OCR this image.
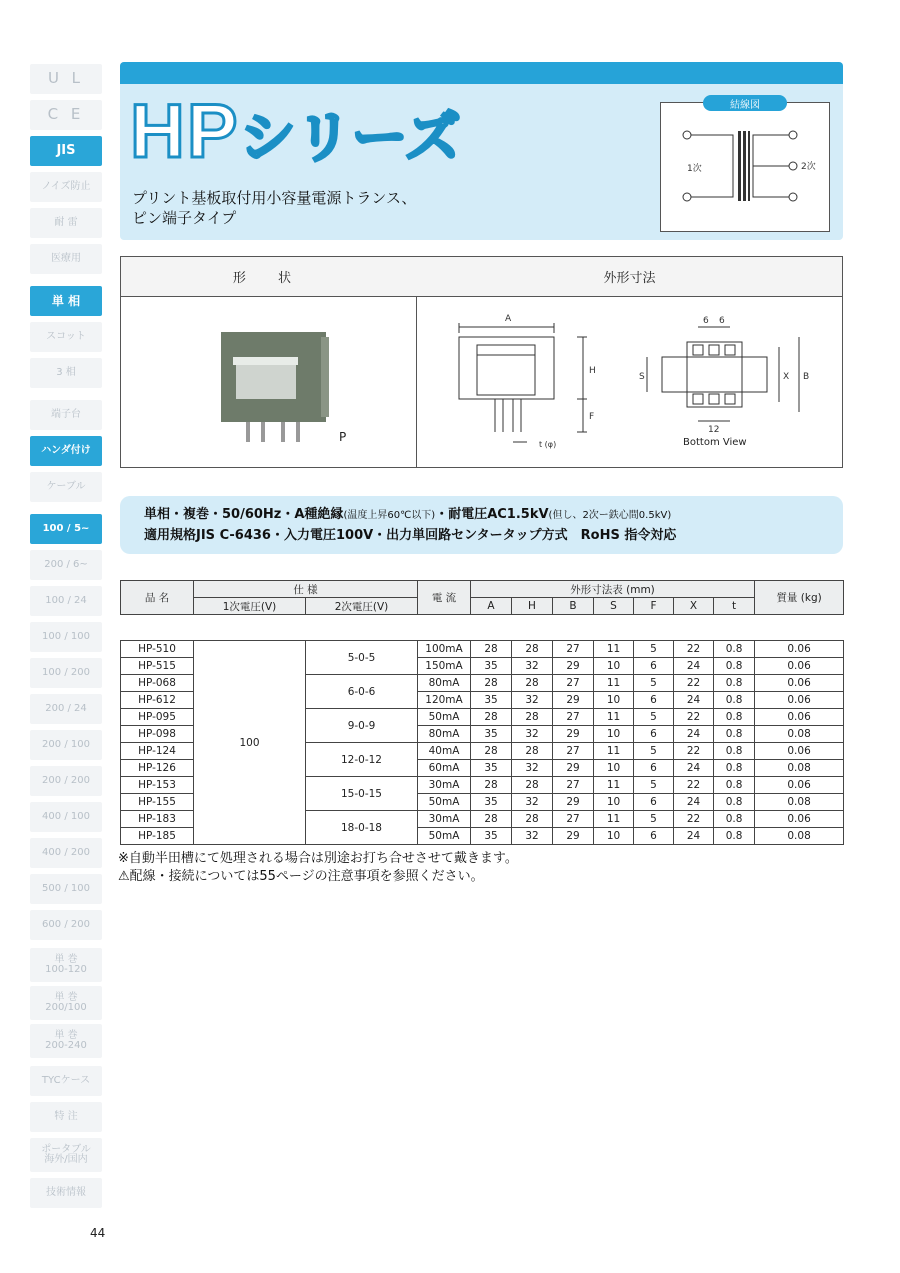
U L
C E
JIS
ノイズ防止
耐 雷
医療用
単 相
スコット
3 相
端子台
ハンダ付け
ケーブル
100 / 5~
200 / 6~
100 / 24
100 / 100
100 / 200
200 / 24
200 / 100
200 / 200
400 / 100
400 / 200
500 / 100
600 / 200
単 巻
100-120
単 巻
200/100
単 巻
200-240
TYCケース
特 注
ポータブル
海外/国内
技術情報
HPシリーズ
プリント基板取付用小容量電源トランス、
ピン端子タイプ
結線図
1次	2次
形 状
P
外形寸法
A
H
F
t (φ)
S	X B
6 6
12
Bottom View
単相・複巻・50/60Hz・A種絶縁(温度上昇60℃以下)・耐電圧AC1.5kV(但し、2次ー鉄心間0.5kV)
適用規格JIS C-6436・入力電圧100V・出力単回路センタータップ方式　RoHS 指令対応
品 名	仕 様		電 流	外形寸法表 (mm)							質量 (kg)
	1次電圧(V)	2次電圧(V)		A	H	B	S	F	X	t	

HP-510	100	5-0-5	100mA	28	28	27	11	5	22	0.8	0.06
HP-515			150mA	35	32	29	10	6	24	0.8	0.06
HP-068		6-0-6	80mA	28	28	27	11	5	22	0.8	0.06
HP-612			120mA	35	32	29	10	6	24	0.8	0.06
HP-095		9-0-9	50mA	28	28	27	11	5	22	0.8	0.06
HP-098			80mA	35	32	29	10	6	24	0.8	0.08
HP-124		12-0-12	40mA	28	28	27	11	5	22	0.8	0.06
HP-126			60mA	35	32	29	10	6	24	0.8	0.08
HP-153		15-0-15	30mA	28	28	27	11	5	22	0.8	0.06
HP-155			50mA	35	32	29	10	6	24	0.8	0.08
HP-183		18-0-18	30mA	28	28	27	11	5	22	0.8	0.06
HP-185			50mA	35	32	29	10	6	24	0.8	0.08
※自動半田槽にて処理される場合は別途お打ち合せさせて戴きます。
⚠配線・接続については55ページの注意事項を参照ください。
44
